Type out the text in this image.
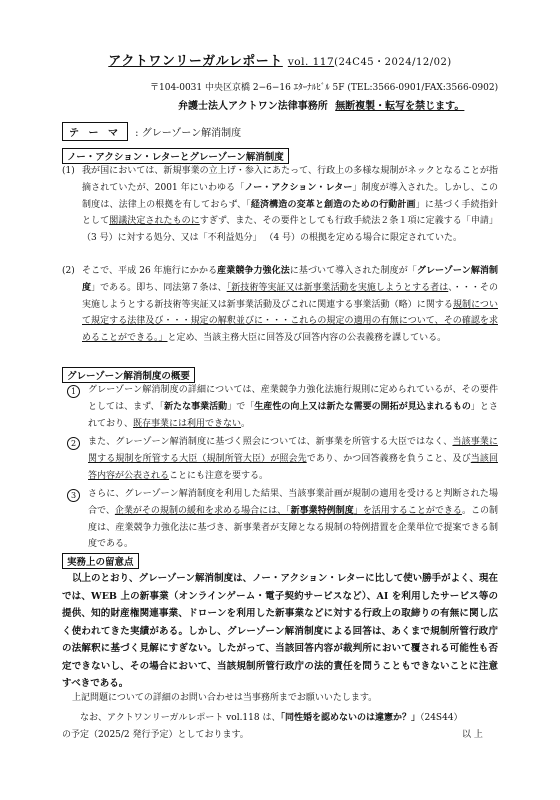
アクトワンリーガルレポート vol. 117(24C45・2024/12/02)
〒104-0031 中央区京橋 2−6−16 ｴﾀｰﾅﾙﾋﾞﾙ 5F (TEL:3566-0901/FAX:3566-0902)
弁護士法人アクトワン法律事務所 無断複製・転写を禁じます。
テ ー マ : グレーゾーン解消制度
ノー・アクション・レターとグレーゾーン解消制度
(1) 我が国においては、新規事業の立上げ・参入にあたって、行政上の多様な規制がネックとなることが指摘されていたが、2001 年にいわゆる「ノー・アクション・レター」制度が導入された。しかし、この制度は、法律上の根拠を有しておらず、「経済構造の変革と創造のための行動計画」に基づく手続指針として閣議決定されたものにすぎず、また、その要件としても行政手続法２条１項に定義する「申請」 （3 号）に対する処分、又は「不利益処分」 （4 号）の根拠を定める場合に限定されていた。
(2) そこで、平成 26 年施行にかかる産業競争力強化法に基づいて導入された制度が「グレーゾーン解消制度」である。即ち、同法第７条は、「新技術等実証又は新事業活動を実施しようとする者は、・・・その実施しようとする新技術等実証又は新事業活動及びこれに関連する事業活動（略）に関する規制について規定する法律及び・・・規定の解釈並びに・・・これらの規定の適用の有無について、その確認を求めることができる。」と定め、当該主務大臣に回答及び回答内容の公表義務を課している。
グレーゾーン解消制度の概要
1	グレーゾーン解消制度の詳細については、産業競争力強化法施行規則に定められているが、その要件としては、まず、「新たな事業活動」で「生産性の向上又は新たな需要の開拓が見込まれるもの」とされており、既存事業には利用できない。
2	また、グレーゾーン解消制度に基づく照会については、新事業を所管する大臣ではなく、当該事業に関する規制を所管する大臣（規制所管大臣）が照会先であり、かつ回答義務を負うこと、及び当該回答内容が公表されることにも注意を要する。
3	さらに、グレーゾーン解消制度を利用した結果、当該事業計画が規制の適用を受けると判断された場合で、企業がその規制の緩和を求める場合には、「新事業特例制度」を活用することができる。この制度は、産業競争力強化法に基づき、新事業者が支障となる規制の特例措置を企業単位で提案できる制度である。
実務上の留意点
以上のとおり、グレーゾーン解消制度は、ノー・アクション・レターに比して使い勝手がよく、現在では、WEB 上の新事業（オンラインゲーム・電子契約サービスなど）、AI を利用したサービス等の提供、知的財産権関連事業、ドローンを利用した新事業などに対する行政上の取締りの有無に関し広く使われてきた実績がある。しかし、グレーゾーン解消制度による回答は、あくまで規制所管行政庁の法解釈に基づく見解にすぎない。したがって、当該回答内容が裁判所において覆される可能性も否定できないし、その場合において、当該規制所管行政庁の法的責任を問うこともできないことに注意すべきである。
上記問題についての詳細のお問い合わせは当事務所までお願いいたします。
なお、アクトワンリーガルレポート vol.118 は、「同性婚を認めないのは違憲か？」（24S44）
の予定（2025/2 発行予定）としております。	以 上
